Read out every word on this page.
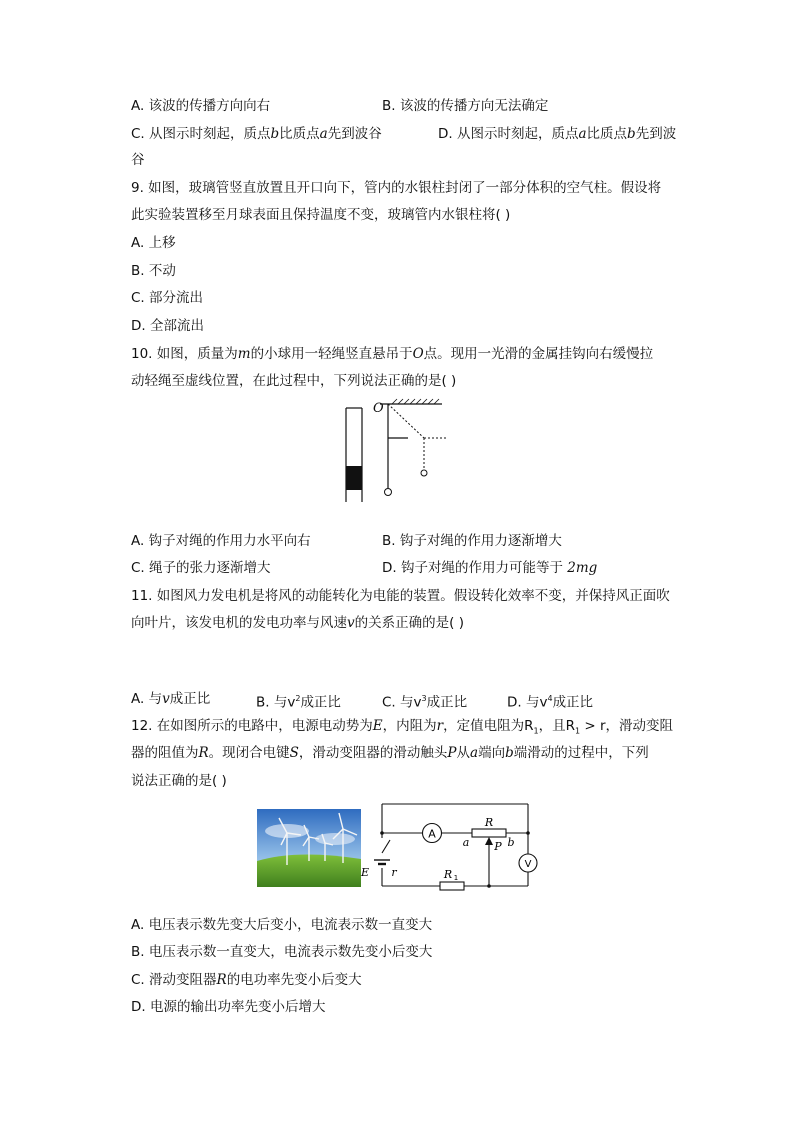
A. 该波的传播方向向右	B. 该波的传播方向无法确定
C. 从图示时刻起，质点b比质点a先到波谷	D. 从图示时刻起，质点a比质点b先到波
谷
9. 如图，玻璃管竖直放置且开口向下，管内的水银柱封闭了一部分体积的空气柱。假设将
此实验装置移至月球表面且保持温度不变，玻璃管内水银柱将( )
A. 上移
B. 不动
C. 部分流出
D. 全部流出
10. 如图，质量为m的小球用一轻绳竖直悬吊于O点。现用一光滑的金属挂钩向右缓慢拉
动轻绳至虚线位置，在此过程中，下列说法正确的是( )
O
A. 钩子对绳的作用力水平向右	B. 钩子对绳的作用力逐渐增大
C. 绳子的张力逐渐增大	D. 钩子对绳的作用力可能等于 2mg
11. 如图风力发电机是将风的动能转化为电能的装置。假设转化效率不变，并保持风正面吹
向叶片，该发电机的发电功率与风速v的关系正确的是( )
A. 与v成正比	B. 与$v^2$成正比	C. 与$v^3$成正比	D. 与$v^4$成正比
12. 在如图所示的电路中，电源电动势为E，内阻为r，定值电阻为$R_1$，且$R_1 > r$，滑动变阻
器的阻值为R。现闭合电键S，滑动变阻器的滑动触头P从a端向b端滑动的过程中，下列
说法正确的是( )
A
V
R
a	b
P
E r	R 1
A. 电压表示数先变大后变小，电流表示数一直变大
B. 电压表示数一直变大，电流表示数先变小后变大
C. 滑动变阻器R的电功率先变小后变大
D. 电源的输出功率先变小后增大
